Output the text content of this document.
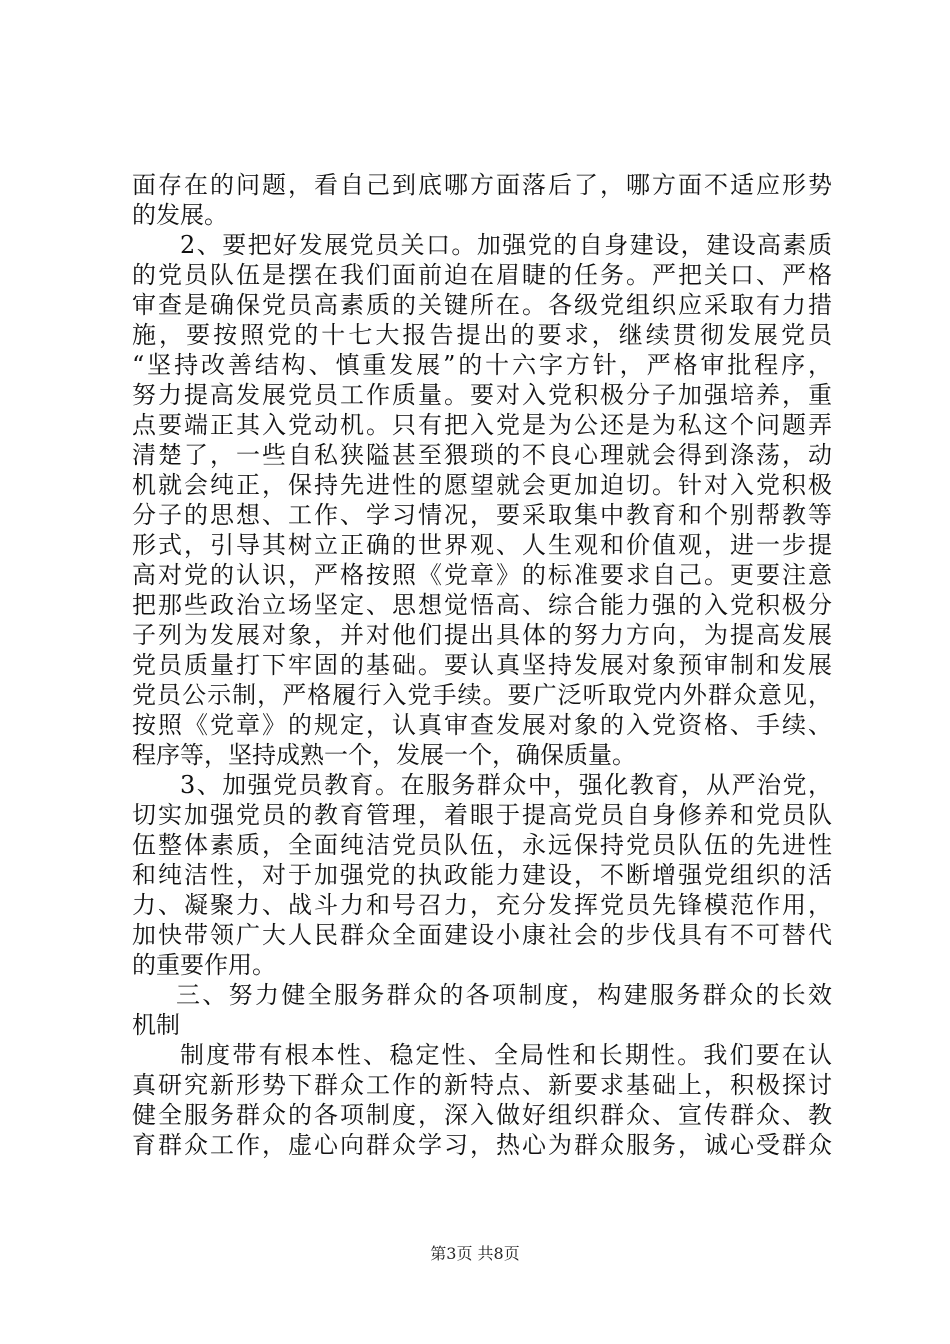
面存在的问题，看自己到底哪方面落后了，哪方面不适应形势
的发展。
2、要把好发展党员关口。加强党的自身建设，建设高素质
的党员队伍是摆在我们面前迫在眉睫的任务。严把关口、严格
审查是确保党员高素质的关键所在。各级党组织应采取有力措
施，要按照党的十七大报告提出的要求，继续贯彻发展党员
“坚持改善结构、慎重发展”的十六字方针，严格审批程序，
努力提高发展党员工作质量。要对入党积极分子加强培养，重
点要端正其入党动机。只有把入党是为公还是为私这个问题弄
清楚了，一些自私狭隘甚至猥琐的不良心理就会得到涤荡，动
机就会纯正，保持先进性的愿望就会更加迫切。针对入党积极
分子的思想、工作、学习情况，要采取集中教育和个别帮教等
形式，引导其树立正确的世界观、人生观和价值观，进一步提
高对党的认识，严格按照《党章》的标准要求自己。更要注意
把那些政治立场坚定、思想觉悟高、综合能力强的入党积极分
子列为发展对象，并对他们提出具体的努力方向，为提高发展
党员质量打下牢固的基础。要认真坚持发展对象预审制和发展
党员公示制，严格履行入党手续。要广泛听取党内外群众意见，
按照《党章》的规定，认真审查发展对象的入党资格、手续、
程序等，坚持成熟一个，发展一个，确保质量。
3、加强党员教育。在服务群众中，强化教育，从严治党，
切实加强党员的教育管理，着眼于提高党员自身修养和党员队
伍整体素质，全面纯洁党员队伍，永远保持党员队伍的先进性
和纯洁性，对于加强党的执政能力建设，不断增强党组织的活
力、凝聚力、战斗力和号召力，充分发挥党员先锋模范作用，
加快带领广大人民群众全面建设小康社会的步伐具有不可替代
的重要作用。
三、努力健全服务群众的各项制度，构建服务群众的长效
机制
制度带有根本性、稳定性、全局性和长期性。我们要在认
真研究新形势下群众工作的新特点、新要求基础上，积极探讨
健全服务群众的各项制度，深入做好组织群众、宣传群众、教
育群众工作，虚心向群众学习，热心为群众服务，诚心受群众
第3页 共8页
